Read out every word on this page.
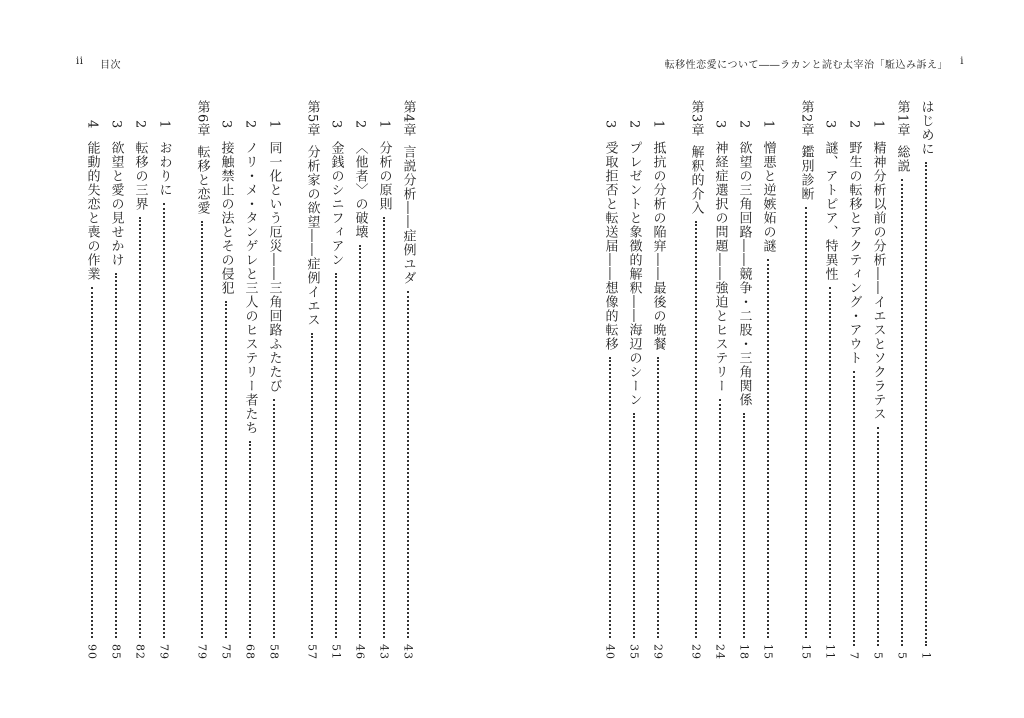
ii 目次
第4章
言説分析――症例ユダ
43
1
分析の原則
43
2
〈他者〉の破壊
46
3
金銭のシニフィアン
51
第5章
分析家の欲望――症例イエス
57
1
同一化という厄災――三角回路ふたたび
58
2
ノリ・メ・タンゲレと三人のヒステリー者たち
68
3
接触禁止の法とその侵犯
75
第6章
転移と恋愛
79
1
おわりに
79
2
転移の三界
82
3
欲望と愛の見せかけ
85
4
能動的失恋と喪の作業
90
転移性恋愛について――ラカンと読む太宰治「駈込み訴え」 i
はじめに
1
第1章
総説
5
1
精神分析以前の分析――イエスとソクラテス
5
2
野生の転移とアクティング・アウト
7
3
謎、アトピア、特異性
11
第2章
鑑別診断
15
1
憎悪と逆嫉妬の謎
15
2
欲望の三角回路――競争・二股・三角関係
18
3
神経症選択の問題――強迫とヒステリー
24
第3章
解釈的介入
29
1
抵抗の分析の陥穽――最後の晩餐
29
2
プレゼントと象徴的解釈――海辺のシーン
35
3
受取拒否と転送届――想像的転移
40
